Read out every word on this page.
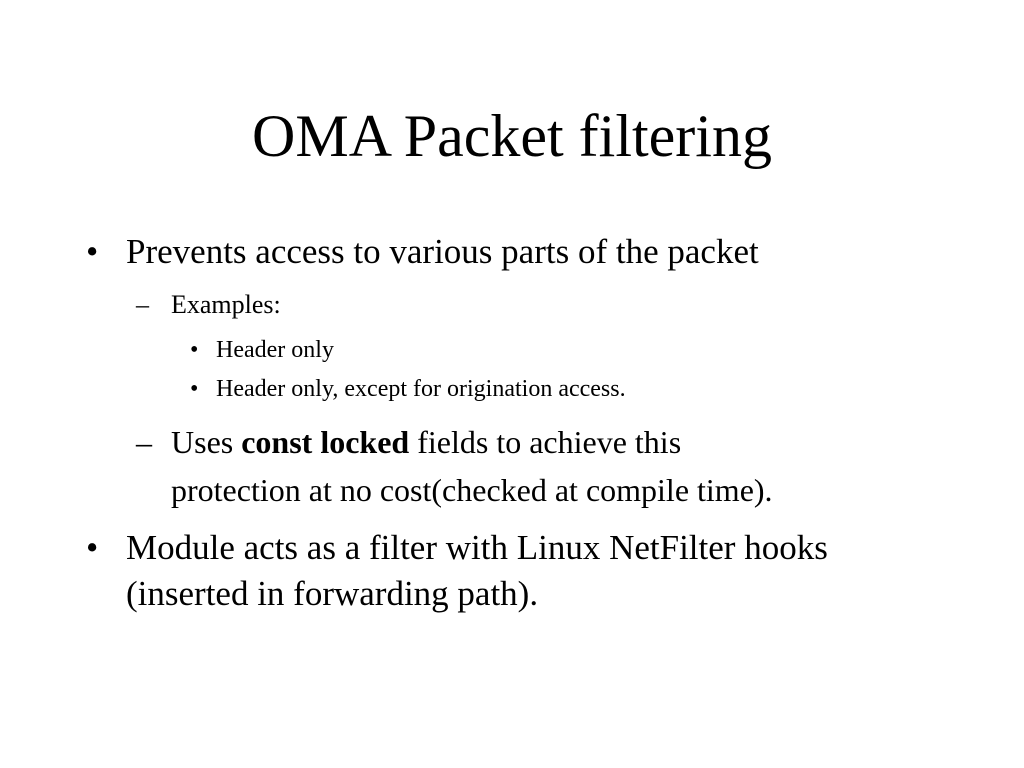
OMA Packet filtering
• Prevents access to various parts of the packet
– Examples:
• Header only
• Header only, except for origination access.
– Uses const locked fields to achieve this
protection at no cost(checked at compile time).
• Module acts as a filter with Linux NetFilter hooks
(inserted in forwarding path).
